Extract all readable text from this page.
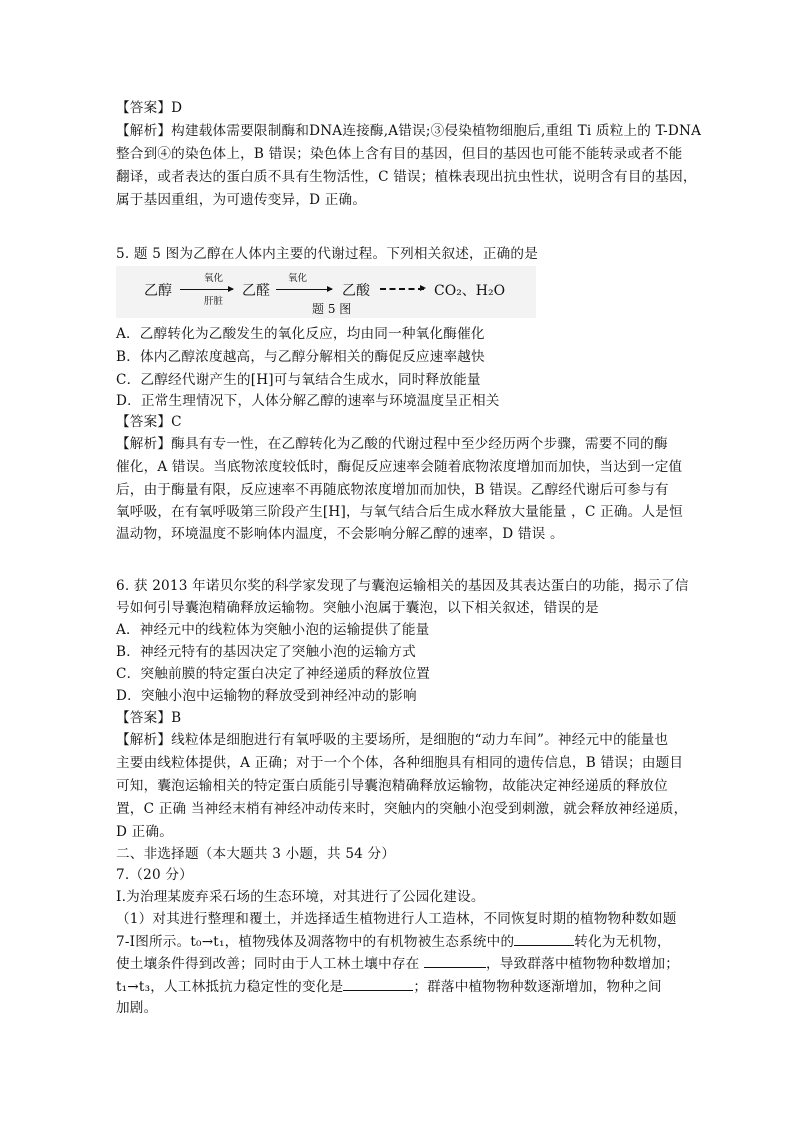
【答案】D
【解析】构建载体需要限制酶和DNA连接酶,A错误;③侵染植物细胞后,重组 Ti 质粒上的 T-DNA
整合到④的染色体上，B 错误；染色体上含有目的基因，但目的基因也可能不能转录或者不能
翻译，或者表达的蛋白质不具有生物活性，C 错误；植株表现出抗虫性状，说明含有目的基因，
属于基因重组，为可遗传变异，D 正确。
5. 题 5 图为乙醇在人体内主要的代谢过程。下列相关叙述，正确的是
乙醇
氧化
肝脏
乙醛
氧化
乙酸	CO₂、H₂O
题 5 图
A．乙醇转化为乙酸发生的氧化反应，均由同一种氧化酶催化
B．体内乙醇浓度越高，与乙醇分解相关的酶促反应速率越快
C．乙醇经代谢产生的[H]可与氧结合生成水，同时释放能量
D．正常生理情况下，人体分解乙醇的速率与环境温度呈正相关
【答案】C
【解析】酶具有专一性，在乙醇转化为乙酸的代谢过程中至少经历两个步骤，需要不同的酶
催化，A 错误。当底物浓度较低时，酶促反应速率会随着底物浓度增加而加快，当达到一定值
后，由于酶量有限，反应速率不再随底物浓度增加而加快，B 错误。乙醇经代谢后可参与有
氧呼吸，在有氧呼吸第三阶段产生[H]，与氧气结合后生成水释放大量能量 ，C 正确。人是恒
温动物，环境温度不影响体内温度，不会影响分解乙醇的速率，D 错误 。
6. 获 2013 年诺贝尔奖的科学家发现了与囊泡运输相关的基因及其表达蛋白的功能，揭示了信
号如何引导囊泡精确释放运输物。突触小泡属于囊泡，以下相关叙述，错误的是
A．神经元中的线粒体为突触小泡的运输提供了能量
B．神经元特有的基因决定了突触小泡的运输方式
C．突触前膜的特定蛋白决定了神经递质的释放位置
D．突触小泡中运输物的释放受到神经冲动的影响
【答案】B
【解析】线粒体是细胞进行有氧呼吸的主要场所，是细胞的“动力车间”。神经元中的能量也
主要由线粒体提供，A 正确；对于一个个体，各种细胞具有相同的遗传信息，B 错误；由题目
可知，囊泡运输相关的特定蛋白质能引导囊泡精确释放运输物，故能决定神经递质的释放位
置，C 正确 当神经末梢有神经冲动传来时，突触内的突触小泡受到刺激，就会释放神经递质，
D 正确。
二、非选择题（本大题共 3 小题，共 54 分）
7.（20 分）
Ⅰ.为治理某废弃采石场的生态环境，对其进行了公园化建设。
（1）对其进行整理和覆土，并选择适生植物进行人工造林，不同恢复时期的植物物种数如题
7-Ⅰ图所示。t₀→t₁，植物残体及凋落物中的有机物被生态系统中的	转化为无机物，
使土壤条件得到改善；同时由于人工林土壤中存在	，导致群落中植物物种数增加；
t₁→t₃，人工林抵抗力稳定性的变化是	；群落中植物物种数逐渐增加，物种之间
加剧。
